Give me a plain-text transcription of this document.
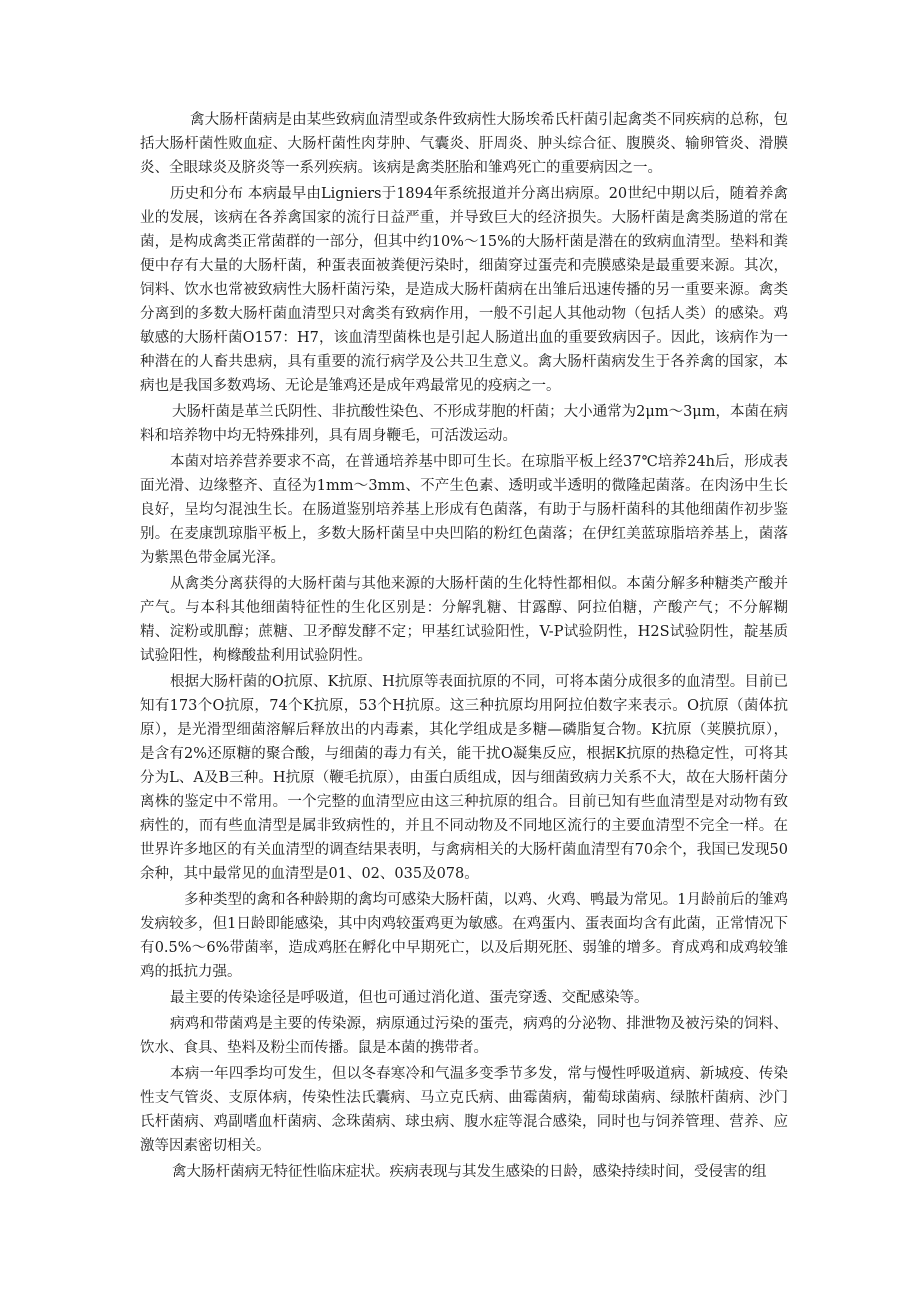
禽大肠杆菌病是由某些致病血清型或条件致病性大肠埃希氏杆菌引起禽类不同疾病的总称，包括大肠杆菌性败血症、大肠杆菌性肉芽肿、气囊炎、肝周炎、肿头综合征、腹膜炎、输卵管炎、滑膜炎、全眼球炎及脐炎等一系列疾病。该病是禽类胚胎和雏鸡死亡的重要病因之一。

历史和分布 本病最早由Ligniers于1894年系统报道并分离出病原。20世纪中期以后，随着养禽业的发展，该病在各养禽国家的流行日益严重，并导致巨大的经济损失。大肠杆菌是禽类肠道的常在菌，是构成禽类正常菌群的一部分，但其中约10%～15%的大肠杆菌是潜在的致病血清型。垫料和粪便中存有大量的大肠杆菌，种蛋表面被粪便污染时，细菌穿过蛋壳和壳膜感染是最重要来源。其次，饲料、饮水也常被致病性大肠杆菌污染，是造成大肠杆菌病在出雏后迅速传播的另一重要来源。禽类分离到的多数大肠杆菌血清型只对禽类有致病作用，一般不引起人其他动物（包括人类）的感染。鸡敏感的大肠杆菌O157：H7，该血清型菌株也是引起人肠道出血的重要致病因子。因此，该病作为一种潜在的人畜共患病，具有重要的流行病学及公共卫生意义。禽大肠杆菌病发生于各养禽的国家，本病也是我国多数鸡场、无论是雏鸡还是成年鸡最常见的疫病之一。

大肠杆菌是革兰氏阴性、非抗酸性染色、不形成芽胞的杆菌；大小通常为2μm～3μm，本菌在病料和培养物中均无特殊排列，具有周身鞭毛，可活泼运动。

本菌对培养营养要求不高，在普通培养基中即可生长。在琼脂平板上经37℃培养24h后，形成表面光滑、边缘整齐、直径为1mm～3mm、不产生色素、透明或半透明的微隆起菌落。在肉汤中生长良好，呈均匀混浊生长。在肠道鉴别培养基上形成有色菌落，有助于与肠杆菌科的其他细菌作初步鉴别。在麦康凯琼脂平板上，多数大肠杆菌呈中央凹陷的粉红色菌落；在伊红美蓝琼脂培养基上，菌落为紫黑色带金属光泽。

从禽类分离获得的大肠杆菌与其他来源的大肠杆菌的生化特性都相似。本菌分解多种糖类产酸并产气。与本科其他细菌特征性的生化区别是：分解乳糖、甘露醇、阿拉伯糖，产酸产气；不分解糊精、淀粉或肌醇；蔗糖、卫矛醇发酵不定；甲基红试验阳性，V-P试验阴性，H2S试验阴性，靛基质试验阳性，枸橼酸盐利用试验阴性。

根据大肠杆菌的O抗原、K抗原、H抗原等表面抗原的不同，可将本菌分成很多的血清型。目前已知有173个O抗原，74个K抗原，53个H抗原。这三种抗原均用阿拉伯数字来表示。O抗原（菌体抗原），是光滑型细菌溶解后释放出的内毒素，其化学组成是多糖—磷脂复合物。K抗原（荚膜抗原），是含有2%还原糖的聚合酸，与细菌的毒力有关，能干扰O凝集反应，根据K抗原的热稳定性，可将其分为L、A及B三种。H抗原（鞭毛抗原），由蛋白质组成，因与细菌致病力关系不大，故在大肠杆菌分离株的鉴定中不常用。一个完整的血清型应由这三种抗原的组合。目前已知有些血清型是对动物有致病性的，而有些血清型是属非致病性的，并且不同动物及不同地区流行的主要血清型不完全一样。在世界许多地区的有关血清型的调查结果表明，与禽病相关的大肠杆菌血清型有70余个，我国已发现50余种，其中最常见的血清型是01、02、035及078。

多种类型的禽和各种龄期的禽均可感染大肠杆菌，以鸡、火鸡、鸭最为常见。1月龄前后的雏鸡发病较多，但1日龄即能感染，其中肉鸡较蛋鸡更为敏感。在鸡蛋内、蛋表面均含有此菌，正常情况下有0.5%～6%带菌率，造成鸡胚在孵化中早期死亡，以及后期死胚、弱雏的增多。育成鸡和成鸡较雏鸡的抵抗力强。

最主要的传染途径是呼吸道，但也可通过消化道、蛋壳穿透、交配感染等。

病鸡和带菌鸡是主要的传染源，病原通过污染的蛋壳，病鸡的分泌物、排泄物及被污染的饲料、饮水、食具、垫料及粉尘而传播。鼠是本菌的携带者。

本病一年四季均可发生，但以冬春寒冷和气温多变季节多发，常与慢性呼吸道病、新城疫、传染性支气管炎、支原体病，传染性法氏囊病、马立克氏病、曲霉菌病，葡萄球菌病、绿脓杆菌病、沙门氏杆菌病、鸡副嗜血杆菌病、念珠菌病、球虫病、腹水症等混合感染，同时也与饲养管理、营养、应激等因素密切相关。

禽大肠杆菌病无特征性临床症状。疾病表现与其发生感染的日龄，感染持续时间，受侵害的组
